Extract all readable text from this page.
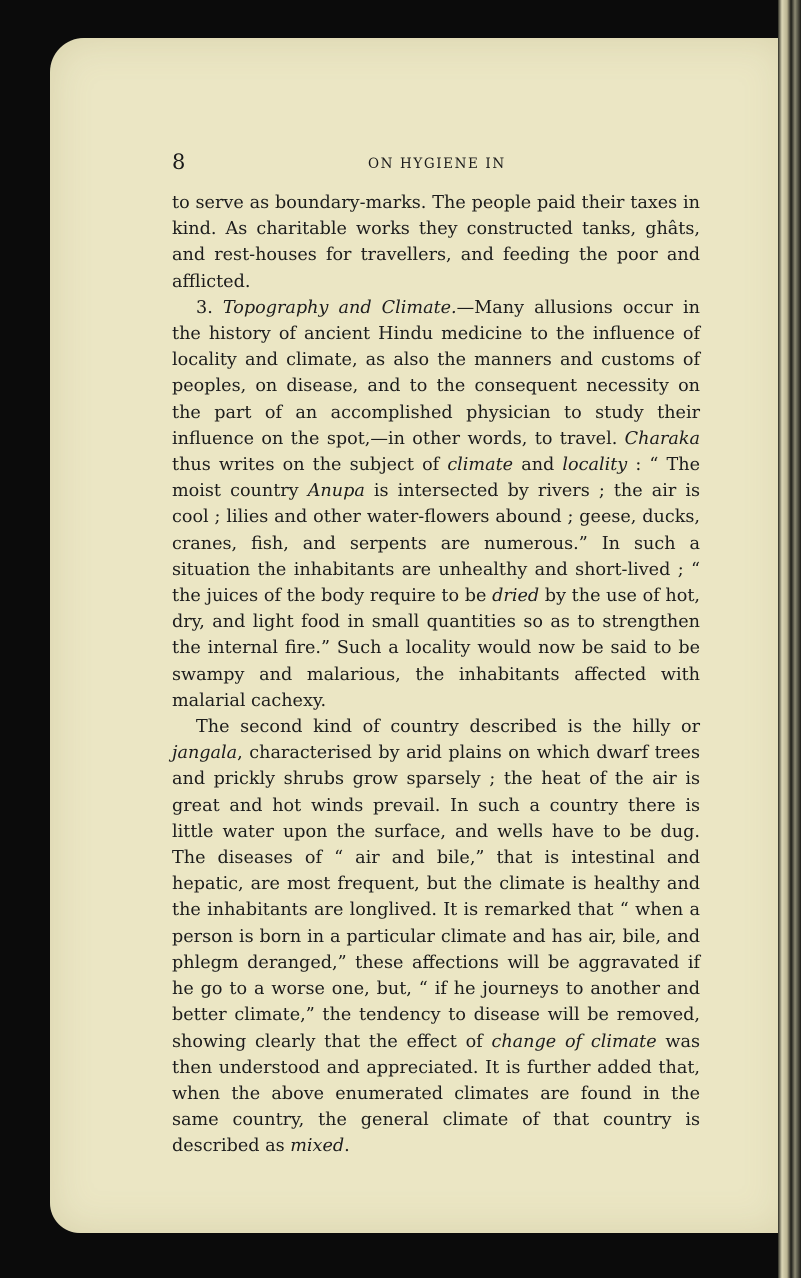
8	ON HYGIENE IN

to serve as boundary-marks. The people paid their taxes in kind. As charitable works they constructed tanks, ghâts, and rest-houses for travellers, and feeding the poor and afflicted.

3. Topography and Climate.—Many allusions occur in the history of ancient Hindu medicine to the influence of locality and climate, as also the manners and customs of peoples, on disease, and to the consequent necessity on the part of an accomplished physician to study their influence on the spot,—in other words, to travel. Charaka thus writes on the subject of climate and locality : “ The moist country Anupa is intersected by rivers ; the air is cool ; lilies and other water-flowers abound ; geese, ducks, cranes, fish, and serpents are numerous.” In such a situation the inhabitants are unhealthy and short-lived ; “ the juices of the body require to be dried by the use of hot, dry, and light food in small quantities so as to strengthen the internal fire.” Such a locality would now be said to be swampy and malarious, the inhabitants affected with malarial cachexy.

The second kind of country described is the hilly or jangala, characterised by arid plains on which dwarf trees and prickly shrubs grow sparsely ; the heat of the air is great and hot winds prevail. In such a country there is little water upon the surface, and wells have to be dug. The diseases of “ air and bile,” that is intestinal and hepatic, are most frequent, but the climate is healthy and the inhabitants are longlived. It is remarked that “ when a person is born in a particular climate and has air, bile, and phlegm deranged,” these affections will be aggravated if he go to a worse one, but, “ if he journeys to another and better climate,” the tendency to disease will be removed, showing clearly that the effect of change of climate was then understood and appreciated. It is further added that, when the above enumerated climates are found in the same country, the general climate of that country is described as mixed.
